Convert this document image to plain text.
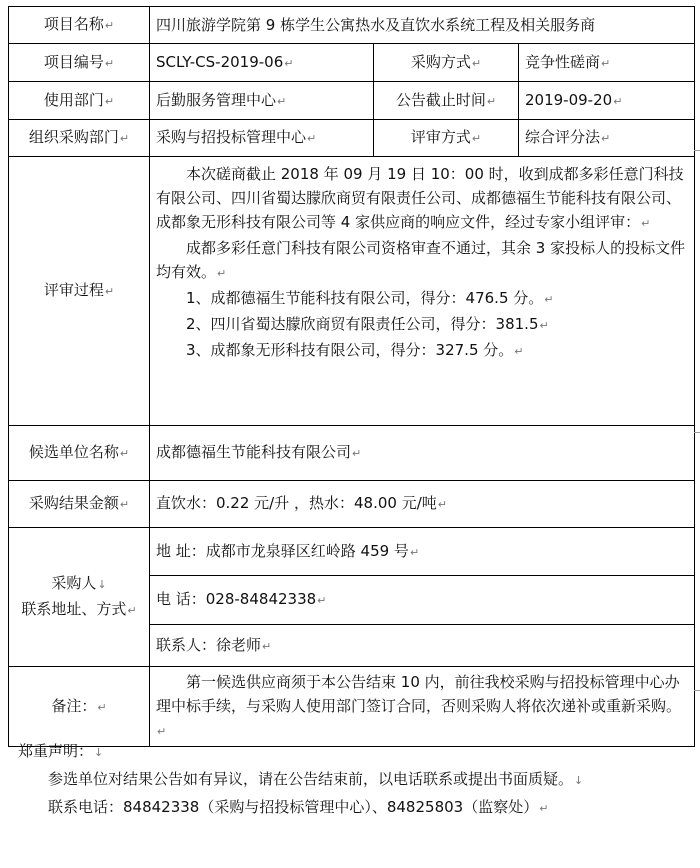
项目名称↵	四川旅游学院第 9 栋学生公寓热水及直饮水系统工程及相关服务商		
项目编号↵	SCLY-CS-2019-06↵	采购方式↵	竞争性磋商↵
使用部门↵	后勤服务管理中心↵	公告截止时间↵	2019-09-20↵
组织采购部门↵	采购与招投标管理中心↵	评审方式↵	综合评分法↵
评审过程↵	本次磋商截止 2018 年 09 月 19 日 10：00 时，收到成都多彩任意门科技有限公司、四川省蜀达朦欣商贸有限责任公司、成都德福生节能科技有限公司、成都象无形科技有限公司等 4 家供应商的响应文件，经过专家小组评审：↵

成都多彩任意门科技有限公司资格审查不通过，其余 3 家投标人的投标文件均有效。↵

1、成都德福生节能科技有限公司，得分：476.5 分。↵

2、四川省蜀达朦欣商贸有限责任公司，得分：381.5↵

3、成都象无形科技有限公司，得分：327.5 分。↵		

候选单位名称↵	成都德福生节能科技有限公司↵		
采购结果金额↵	直饮水：0.22 元/升 ，热水：48.00 元/吨↵		

采购人↓
联系地址、方式↵	地 址：成都市龙泉驿区红岭路 459 号↵		
	电 话：028-84842338↵		
	联系人：徐老师↵		
备注：↵	第一候选供应商须于本公告结束 10 内，前往我校采购与招投标管理中心办理中标手续，与采购人使用部门签订合同，否则采购人将依次递补或重新采购。↵		

郑重声明：↓

参选单位对结果公告如有异议，请在公告结束前，以电话联系或提出书面质疑。↓

联系电话：84842338（采购与招投标管理中心）、84825803（监察处）↵
